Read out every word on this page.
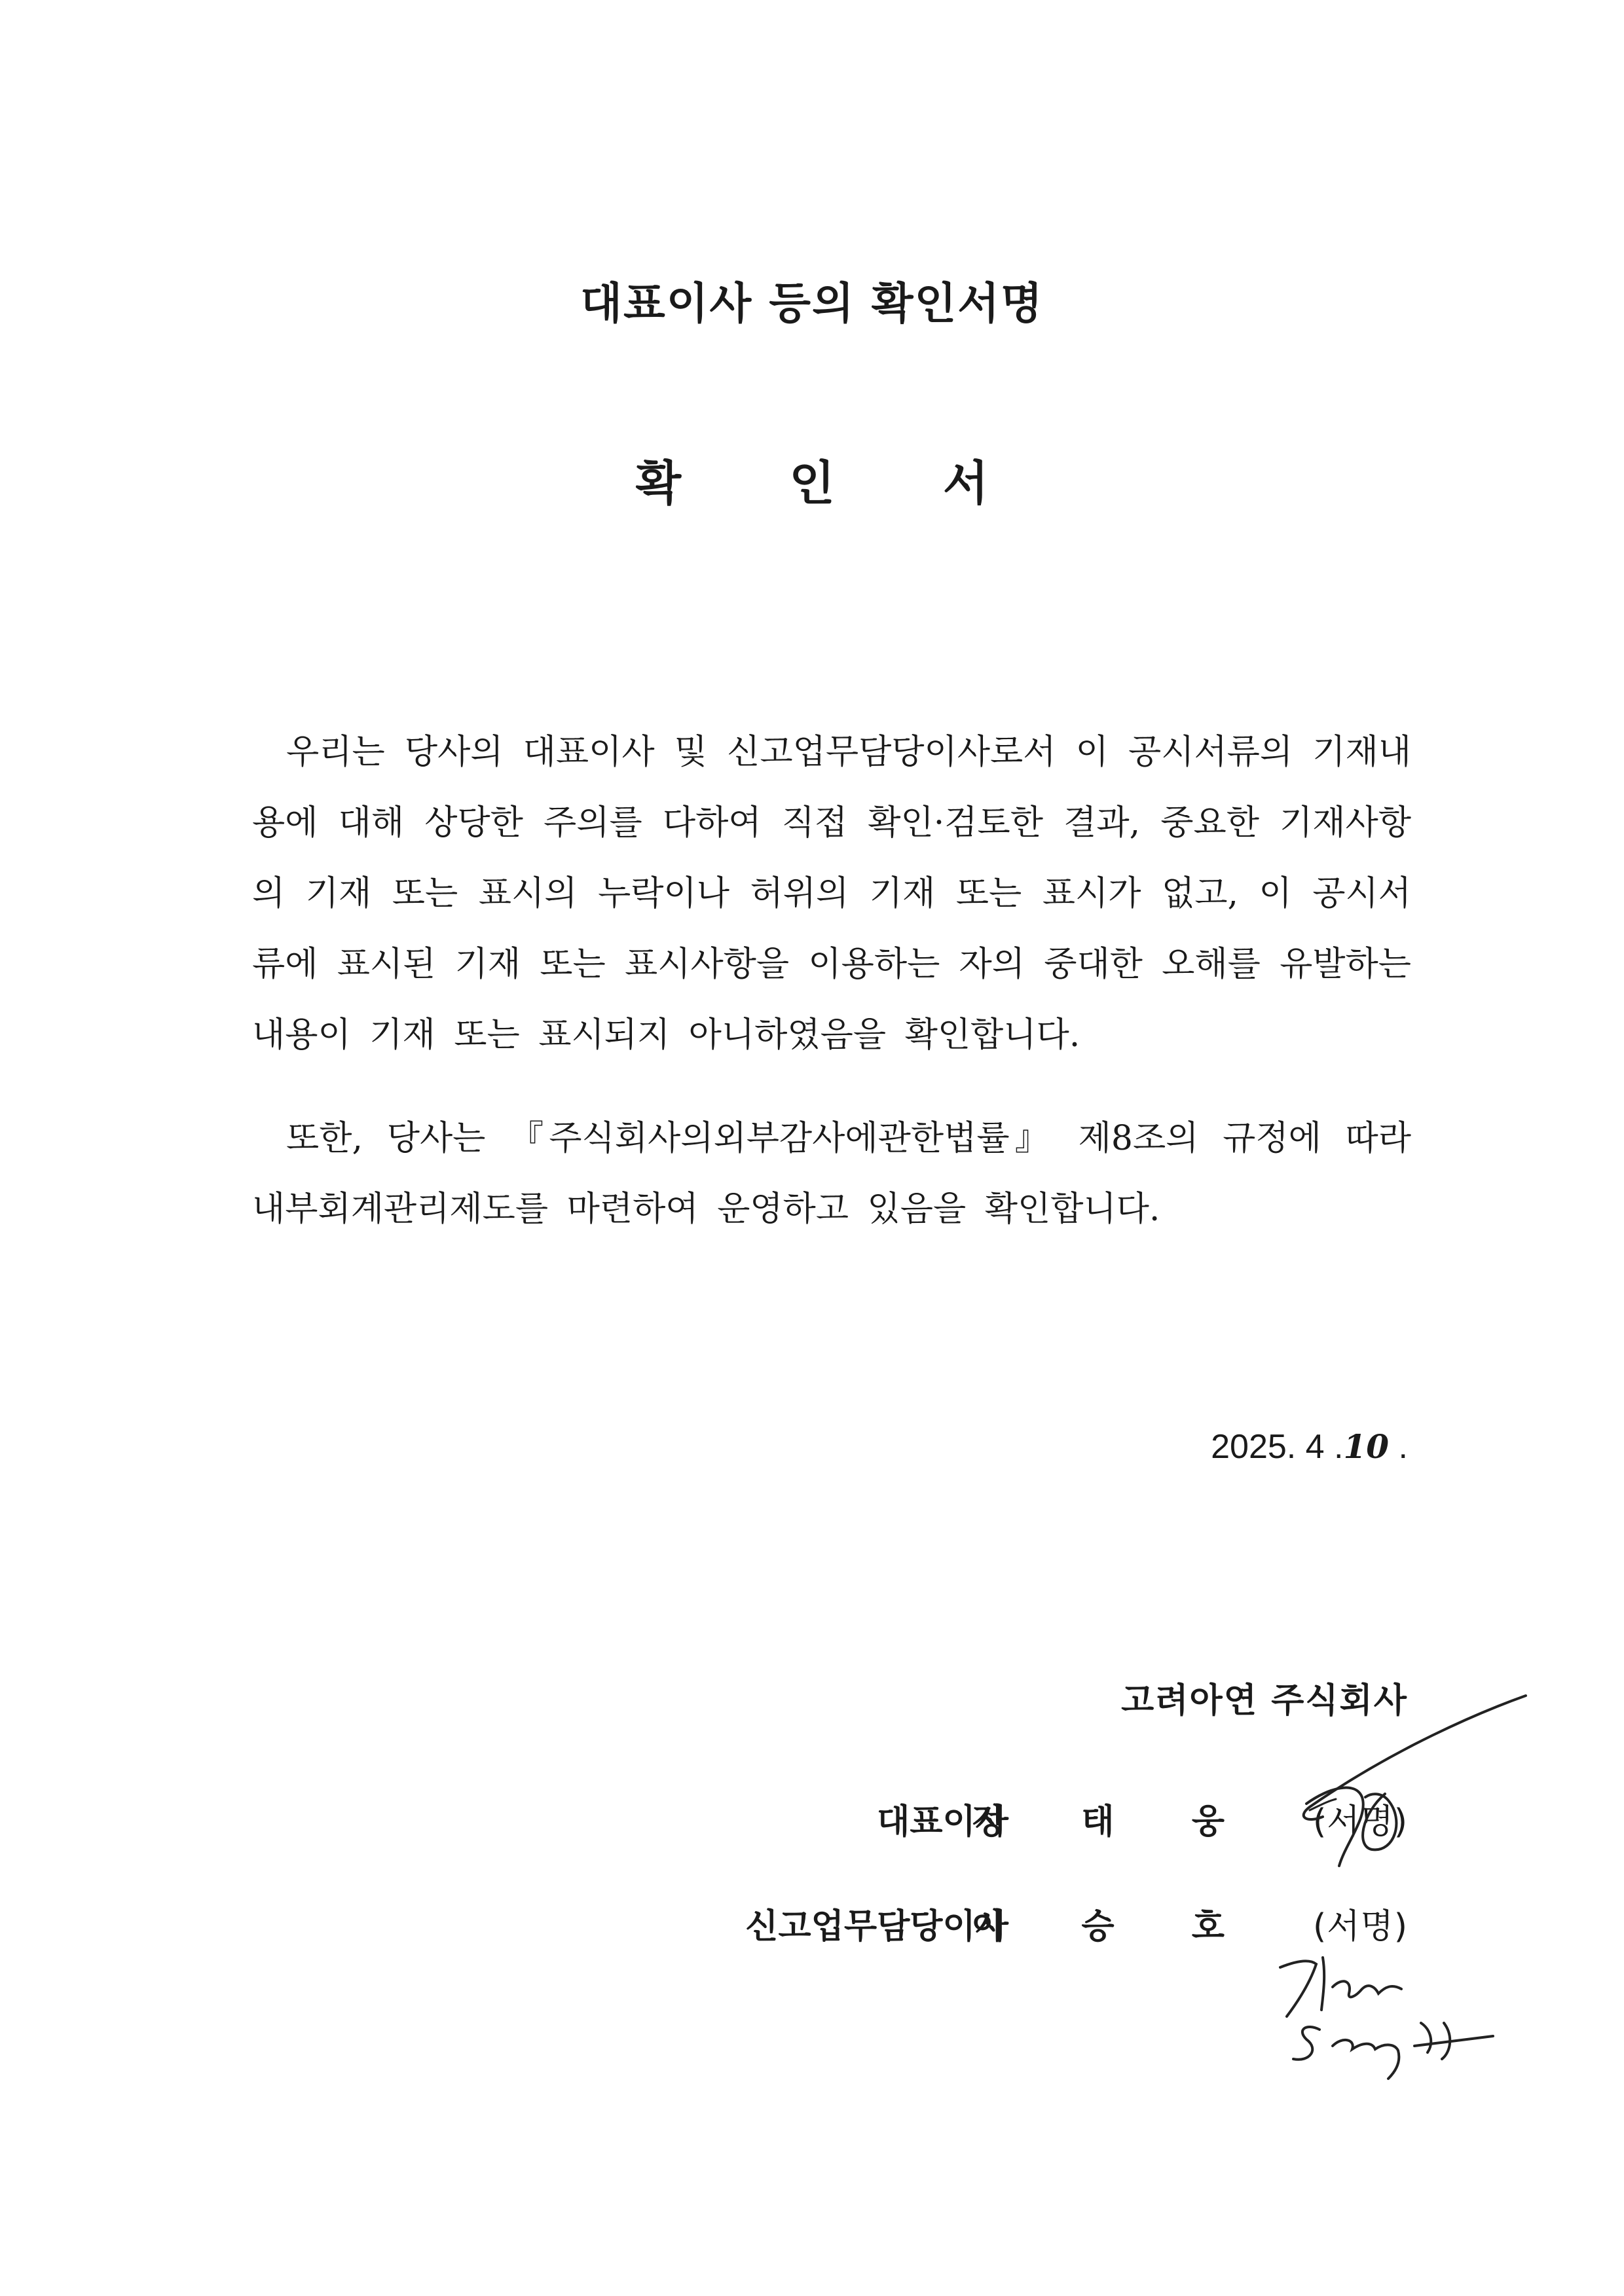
대표이사 등의 확인서명
확 인 서

우리는 당사의 대표이사 및 신고업무담당이사로서 이 공시서류의 기재내용에 대해 상당한 주의를 다하여 직접 확인·검토한 결과, 중요한 기재사항의 기재 또는 표시의 누락이나 허위의 기재 또는 표시가 없고, 이 공시서류에 표시된 기재 또는 표시사항을 이용하는 자의 중대한 오해를 유발하는 내용이 기재 또는 표시되지 아니하였음을 확인합니다.

또한, 당사는 『주식회사의외부감사에관한법률』 제8조의 규정에 따라 내부회계관리제도를 마련하여 운영하고 있음을 확인합니다.

2025. 4 .10 .
고려아연 주식회사
대표이사
정 태 웅 (서명)
신고업무담당이사
이 승 호 (서명)
